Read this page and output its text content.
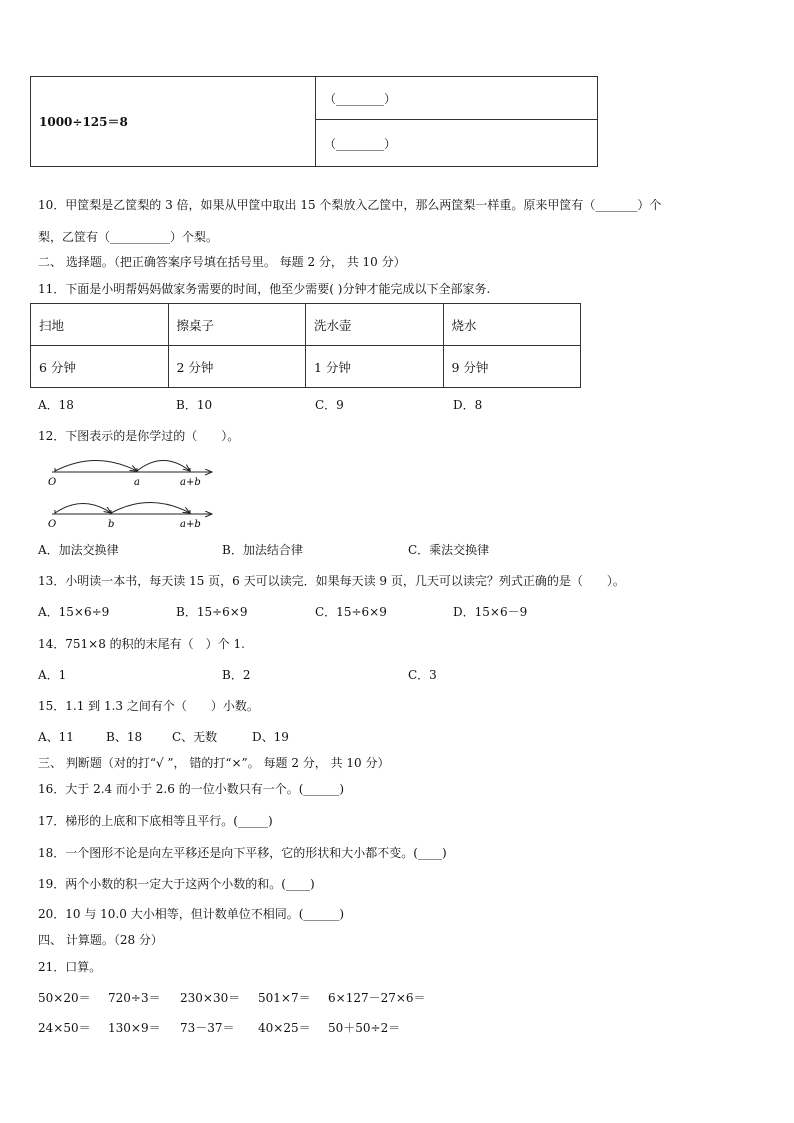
1000÷125＝8	（________）
（________）
10．甲筐梨是乙筐梨的 3 倍，如果从甲筐中取出 15 个梨放入乙筐中，那么两筐梨一样重。原来甲筐有（_______）个
梨，乙筐有（__________）个梨。
二、 选择题。（把正确答案序号填在括号里。 每题 2 分， 共 10 分）
11．下面是小明帮妈妈做家务需要的时间，他至少需要( )分钟才能完成以下全部家务.
扫地	擦桌子	洗水壶	烧水
6 分钟	2 分钟	1 分钟	9 分钟
A．18	B．10	C．9	D．8
12．下图表示的是你学过的（　　）。
O	a	a+b
O	b	a+b
A．加法交换律	B．加法结合律	C．乘法交换律
13．小明读一本书，每天读 15 页，6 天可以读完．如果每天读 9 页，几天可以读完？列式正确的是（　　）。
A．15×6÷9	B．15÷6×9	C．15÷6×9	D．15×6－9
14．751×8 的积的末尾有（　）个 1.
A．1	B．2	C．3
15．1.1 到 1.3 之间有个（　　）小数。
A、11	B、18 C、无数	D、19
三、 判断题（对的打“√ ”， 错的打“×”。 每题 2 分， 共 10 分）
16．大于 2.4 而小于 2.6 的一位小数只有一个。(______)
17．梯形的上底和下底相等且平行。(_____)
18．一个图形不论是向左平移还是向下平移，它的形状和大小都不变。(____)
19．两个小数的积一定大于这两个小数的和。(____)
20．10 与 10.0 大小相等，但计数单位不相同。(______)
四、 计算题。（28 分）
21．口算。
50×20＝ 720÷3＝ 230×30＝ 501×7＝ 6×127－27×6＝
24×50＝ 130×9＝ 73－37＝ 40×25＝ 50＋50÷2＝
